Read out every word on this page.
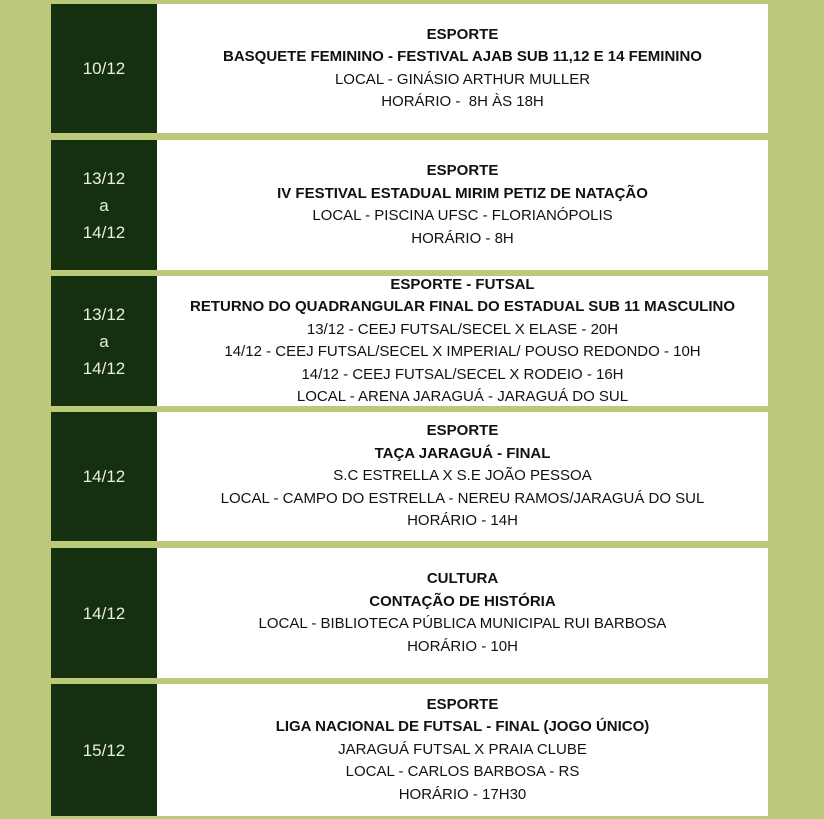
10/12
ESPORTE
BASQUETE FEMININO - FESTIVAL AJAB SUB 11,12 E 14 FEMININO
LOCAL - GINÁSIO ARTHUR MULLER
HORÁRIO -  8H ÀS 18H
13/12
a
14/12
ESPORTE
IV FESTIVAL ESTADUAL MIRIM PETIZ DE NATAÇÃO
LOCAL - PISCINA UFSC - FLORIANÓPOLIS
HORÁRIO - 8H
13/12
a
14/12
ESPORTE - FUTSAL
RETURNO DO QUADRANGULAR FINAL DO ESTADUAL SUB 11 MASCULINO
13/12 - CEEJ FUTSAL/SECEL X ELASE - 20H
14/12 - CEEJ FUTSAL/SECEL X IMPERIAL/ POUSO REDONDO - 10H
14/12 - CEEJ FUTSAL/SECEL X RODEIO - 16H
LOCAL - ARENA JARAGUÁ - JARAGUÁ DO SUL
14/12
ESPORTE
TAÇA JARAGUÁ - FINAL
S.C ESTRELLA X S.E JOÃO PESSOA
LOCAL - CAMPO DO ESTRELLA - NEREU RAMOS/JARAGUÁ DO SUL
HORÁRIO - 14H
14/12
CULTURA
CONTAÇÃO DE HISTÓRIA
LOCAL - BIBLIOTECA PÚBLICA MUNICIPAL RUI BARBOSA
HORÁRIO - 10H
15/12
ESPORTE
LIGA NACIONAL DE FUTSAL - FINAL (JOGO ÚNICO)
JARAGUÁ FUTSAL X PRAIA CLUBE
LOCAL - CARLOS BARBOSA - RS
HORÁRIO - 17H30
